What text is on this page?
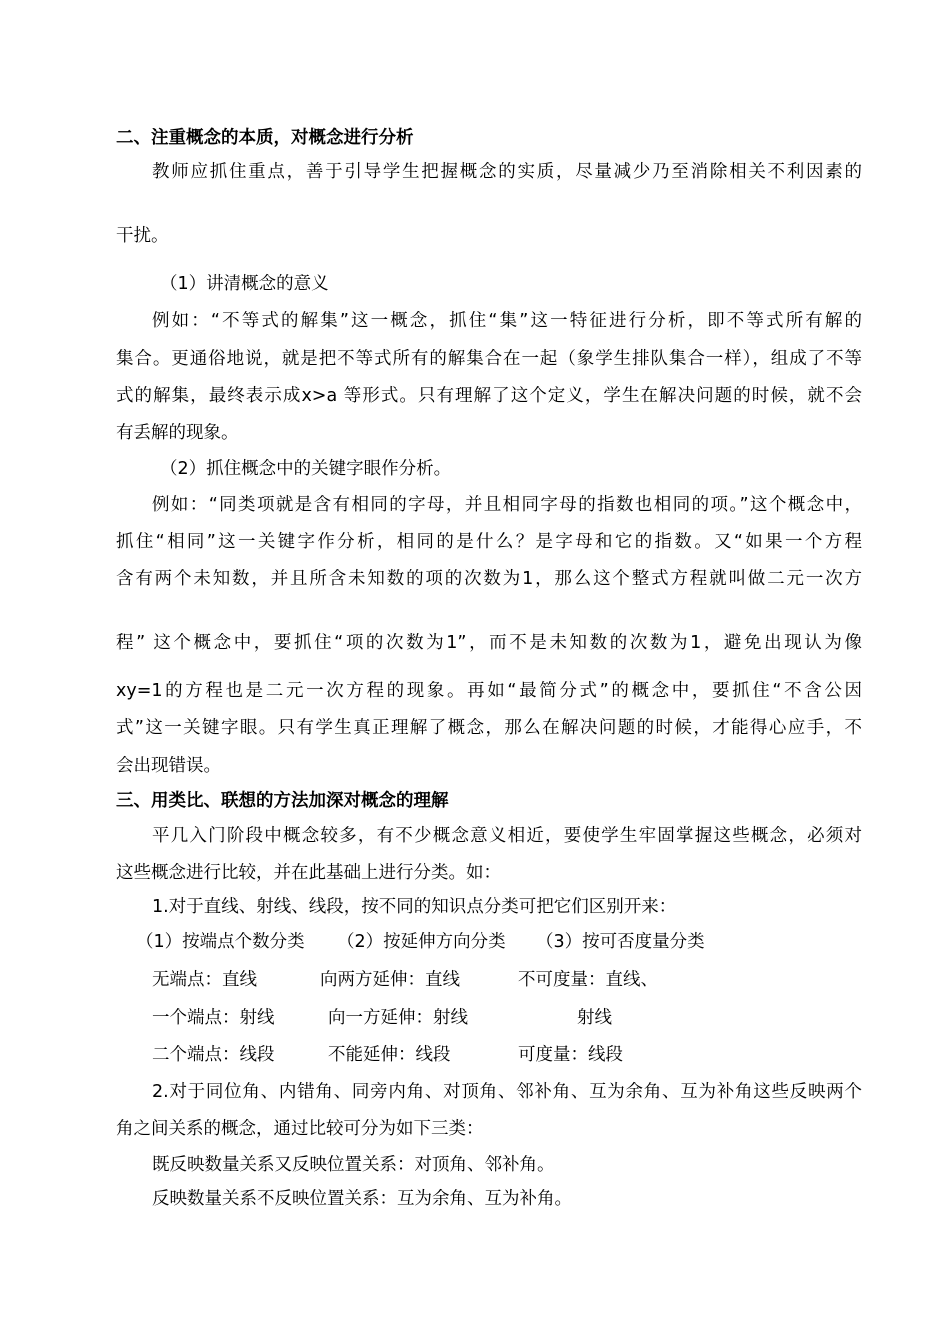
二、注重概念的本质，对概念进行分析

教师应抓住重点，善于引导学生把握概念的实质，尽量减少乃至消除相关不利因素的

干扰。

（1）讲清概念的意义

例如：“不等式的解集”这一概念，抓住“集”这一特征进行分析，即不等式所有解的

集合。更通俗地说，就是把不等式所有的解集合在一起（象学生排队集合一样），组成了不等

式的解集，最终表示成x>a 等形式。只有理解了这个定义，学生在解决问题的时候，就不会

有丢解的现象。

（2）抓住概念中的关键字眼作分析。

例如：“同类项就是含有相同的字母，并且相同字母的指数也相同的项。”这个概念中，

抓住“相同”这一关键字作分析，相同的是什么？是字母和它的指数。又“如果一个方程

含有两个未知数，并且所含未知数的项的次数为1，那么这个整式方程就叫做二元一次方

程” 这个概念中，要抓住“项的次数为1”，而不是未知数的次数为1，避免出现认为像

xy=1的方程也是二元一次方程的现象。再如“最简分式”的概念中，要抓住“不含公因

式”这一关键字眼。只有学生真正理解了概念，那么在解决问题的时候，才能得心应手，不

会出现错误。

三、用类比、联想的方法加深对概念的理解

平几入门阶段中概念较多，有不少概念意义相近，要使学生牢固掌握这些概念，必须对

这些概念进行比较，并在此基础上进行分类。如：

1.对于直线、射线、线段，按不同的知识点分类可把它们区别开来：

（1）按端点个数分类 （2）按延伸方向分类 （3）按可否度量分类
无端点：直线	向两方延伸：直线	不可度量：直线、
一个端点：射线	向一方延伸：射线	射线
二个端点：线段	不能延伸：线段	可度量：线段

2.对于同位角、内错角、同旁内角、对顶角、邻补角、互为余角、互为补角这些反映两个

角之间关系的概念，通过比较可分为如下三类：

既反映数量关系又反映位置关系：对顶角、邻补角。

反映数量关系不反映位置关系：互为余角、互为补角。
